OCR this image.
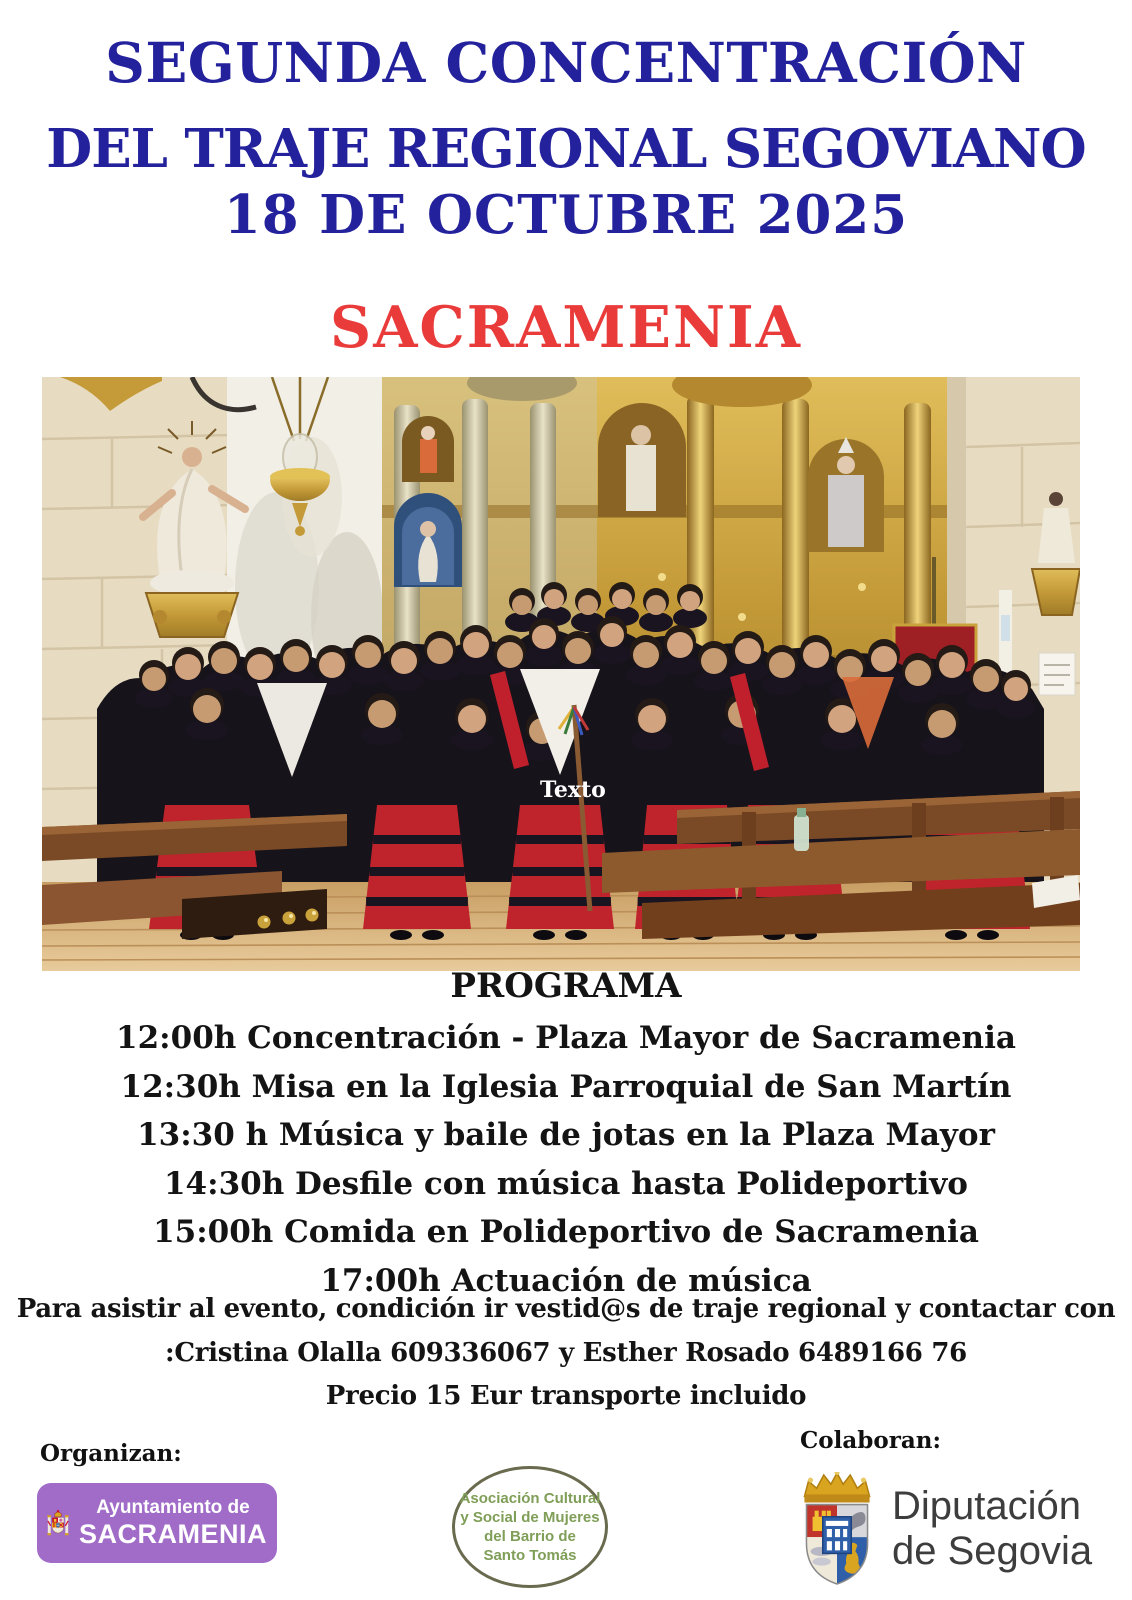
SEGUNDA CONCENTRACIÓN
DEL TRAJE REGIONAL SEGOVIANO
18 DE OCTUBRE 2025
SACRAMENIA
Texto
PROGRAMA
12:00h Concentración - Plaza Mayor de Sacramenia
12:30h Misa en la Iglesia Parroquial de San Martín
13:30 h Música y baile de jotas en la Plaza Mayor
14:30h Desfile con música hasta Polideportivo
15:00h Comida en Polideportivo de Sacramenia
17:00h Actuación de música
Para asistir al evento, condición ir vestid@s de traje regional y contactar con
:Cristina Olalla 609336067 y Esther Rosado 6489166 76
Precio 15 Eur transporte incluido
Organizan:	Colaboran:
Ayuntamiento de
SACRAMENIA
Asociación Cultural
y Social de Mujeres
del Barrio de
Santo Tomás
Diputación
de Segovia
